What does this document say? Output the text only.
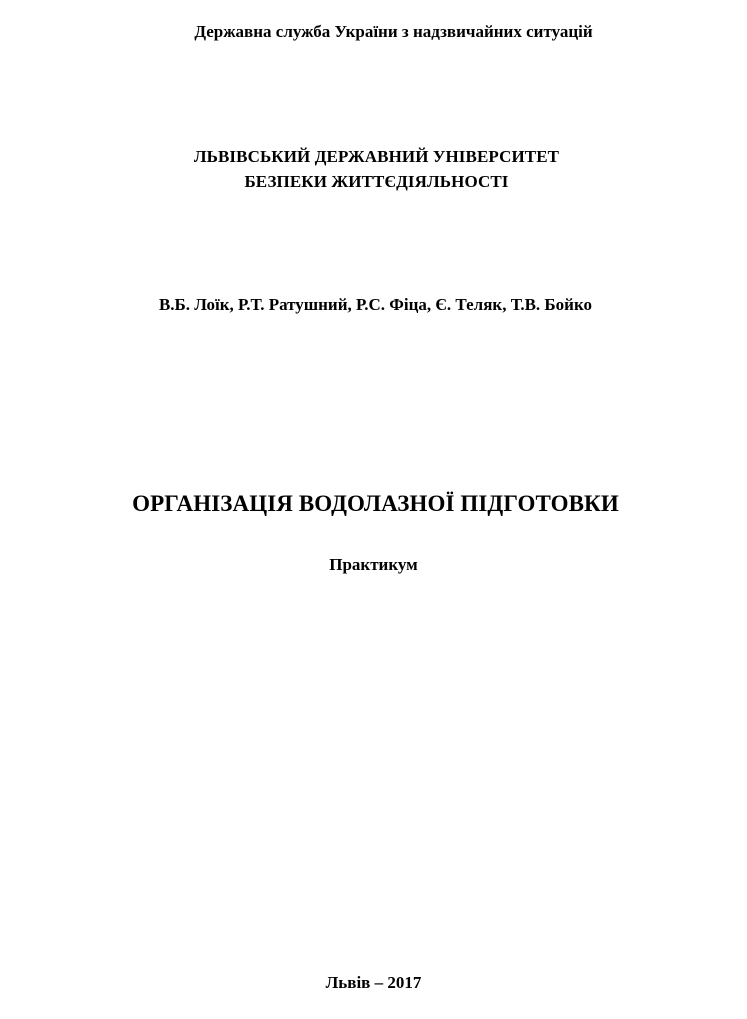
Державна служба України з надзвичайних ситуацій
ЛЬВІВСЬКИЙ ДЕРЖАВНИЙ УНІВЕРСИТЕТ
БЕЗПЕКИ ЖИТТЄДІЯЛЬНОСТІ
В.Б. Лоїк, Р.Т. Ратушний, Р.С. Фіца, Є. Теляк, Т.В. Бойко
ОРГАНІЗАЦІЯ ВОДОЛАЗНОЇ ПІДГОТОВКИ
Практикум
Львів – 2017
